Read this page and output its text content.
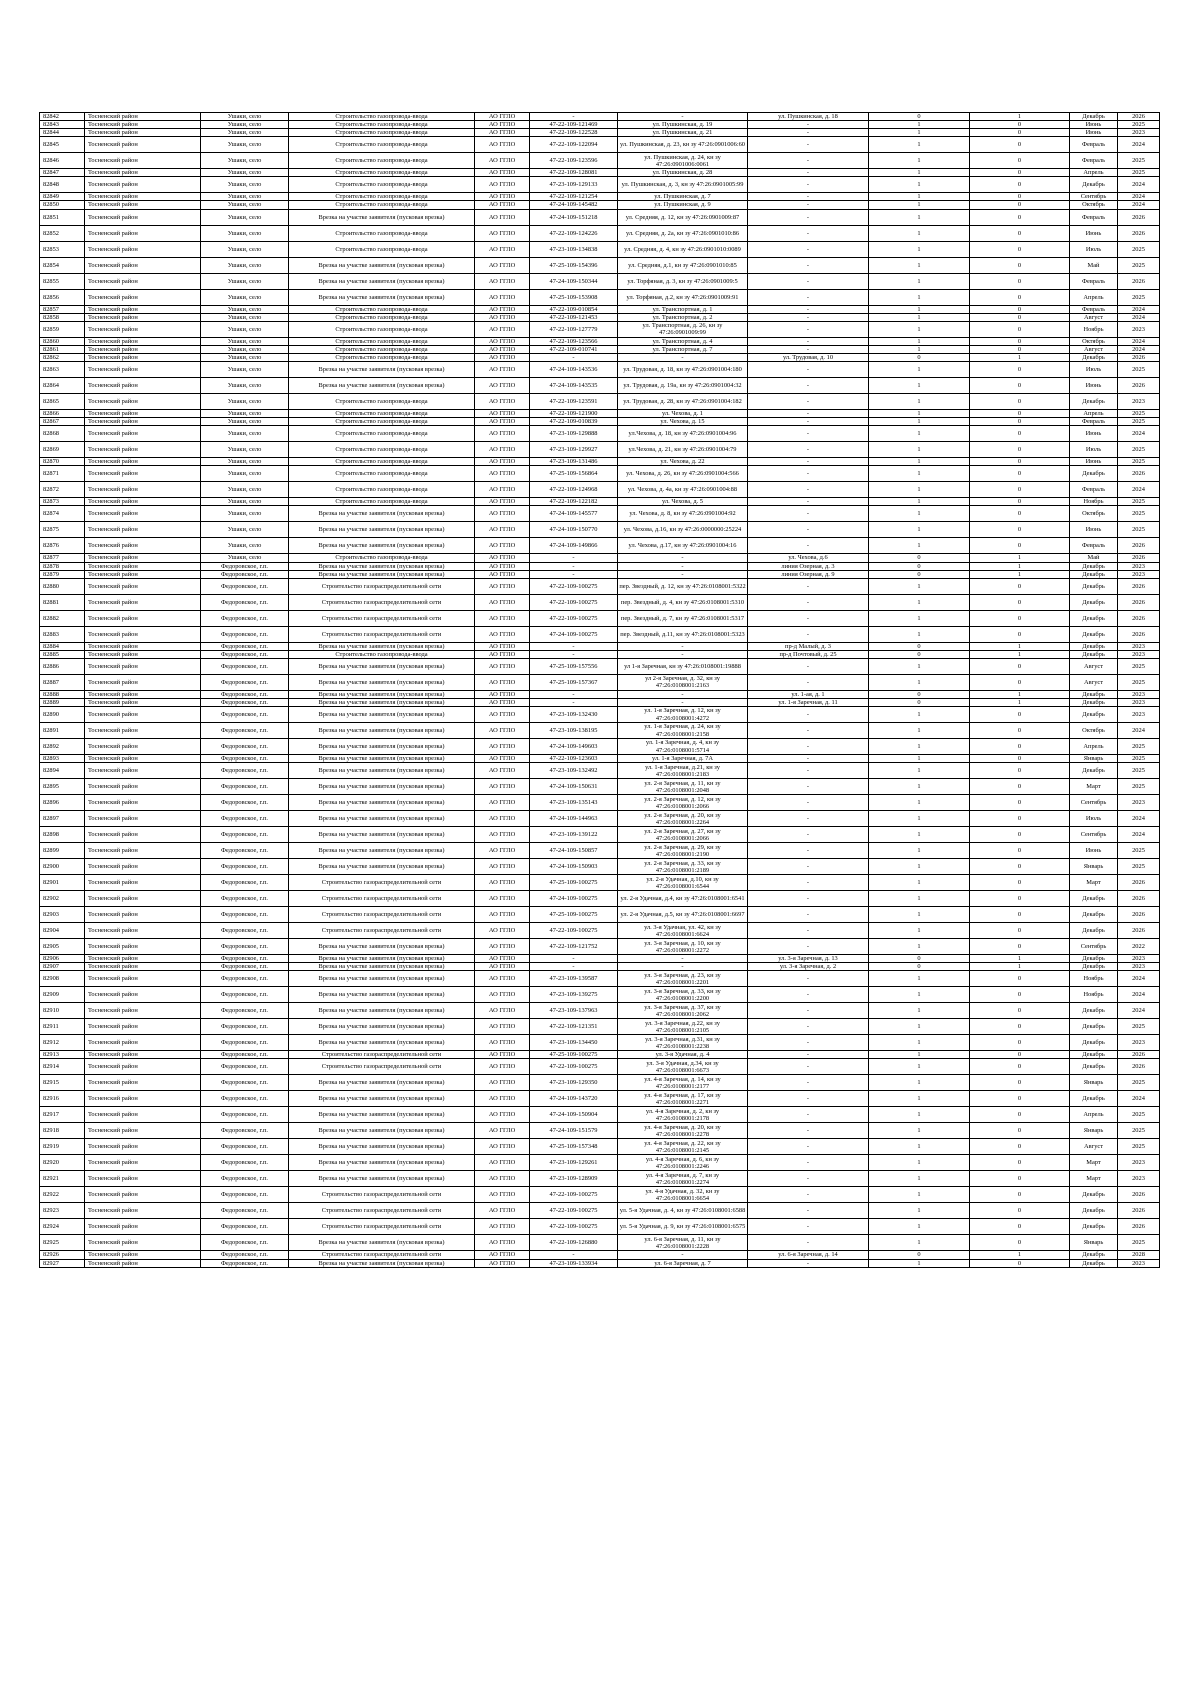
82842	Тосненский район	Ушаки, село	Строительство газопровода-ввода	АО ГГЛО	-	-	ул. Пушкинская, д. 18	0	1	Декабрь	2026
82843	Тосненский район	Ушаки, село	Строительство газопровода-ввода	АО ГГЛО	47-22-109-121469	ул. Пушкинская, д. 19	-	1	0	Июнь	2025
82844	Тосненский район	Ушаки, село	Строительство газопровода-ввода	АО ГГЛО	47-22-109-122528	ул. Пушкинская, д. 21	-	1	0	Июнь	2023
82845	Тосненский район	Ушаки, село	Строительство газопровода-ввода	АО ГГЛО	47-22-109-122094	ул. Пушкинская, д. 23, кн зу 47:26:0901006:60	-	1	0	Февраль	2024
82846	Тосненский район	Ушаки, село	Строительство газопровода-ввода	АО ГГЛО	47-22-109-123596	ул. Пушкинская, д. 24, кн зу 47:26:0901006:0061	-	1	0	Февраль	2025
82847	Тосненский район	Ушаки, село	Строительство газопровода-ввода	АО ГГЛО	47-22-109-128081	ул. Пушкинская, д. 28	-	1	0	Апрель	2025
82848	Тосненский район	Ушаки, село	Строительство газопровода-ввода	АО ГГЛО	47-23-109-129133	ул. Пушкинская, д. 3, кн зу 47:26:0901005:99	-	1	0	Декабрь	2024
82849	Тосненский район	Ушаки, село	Строительство газопровода-ввода	АО ГГЛО	47-22-109-121254	ул. Пушкинская, д. 7	-	1	0	Сентябрь	2024
82850	Тосненский район	Ушаки, село	Строительство газопровода-ввода	АО ГГЛО	47-24-109-145482	ул. Пушкинская, д. 9	-	1	0	Октябрь	2024
82851	Тосненский район	Ушаки, село	Врезка на участке заявителя (пусковая врезка)	АО ГГЛО	47-24-109-151218	ул. Средняя, д. 12, кн зу 47:26:0901009:87	-	1	0	Февраль	2026
82852	Тосненский район	Ушаки, село	Строительство газопровода-ввода	АО ГГЛО	47-22-109-124226	ул. Средняя, д. 2а, кн зу 47:26:0901010:86	-	1	0	Июнь	2026
82853	Тосненский район	Ушаки, село	Строительство газопровода-ввода	АО ГГЛО	47-23-109-134838	ул. Средняя, д. 4, кн зу 47:26:0901010:0089	-	1	0	Июль	2025
82854	Тосненский район	Ушаки, село	Врезка на участке заявителя (пусковая врезка)	АО ГГЛО	47-25-109-154396	ул. Средняя, д.1, кн зу 47:26:0901010:85	-	1	0	Май	2025
82855	Тосненский район	Ушаки, село	Врезка на участке заявителя (пусковая врезка)	АО ГГЛО	47-24-109-150344	ул. Торфяная, д. 3, кн зу 47:26:0901009:5	-	1	0	Февраль	2026
82856	Тосненский район	Ушаки, село	Врезка на участке заявителя (пусковая врезка)	АО ГГЛО	47-25-109-153908	ул. Торфяная, д.2, кн зу 47:26:0901009:91	-	1	0	Апрель	2025
82857	Тосненский район	Ушаки, село	Строительство газопровода-ввода	АО ГГЛО	47-22-109-010854	ул. Транспортная, д. 1	-	1	0	Февраль	2024
82858	Тосненский район	Ушаки, село	Строительство газопровода-ввода	АО ГГЛО	47-22-109-121453	ул. Транспортная, д. 2	-	1	0	Август	2024
82859	Тосненский район	Ушаки, село	Строительство газопровода-ввода	АО ГГЛО	47-22-109-127779	ул. Транспортная, д. 26, кн зу 47:26:0901009:99	-	1	0	Ноябрь	2023
82860	Тосненский район	Ушаки, село	Строительство газопровода-ввода	АО ГГЛО	47-22-109-123566	ул. Транспортная, д. 4	-	1	0	Октябрь	2024
82861	Тосненский район	Ушаки, село	Строительство газопровода-ввода	АО ГГЛО	47-22-109-010741	ул. Транспортная, д. 7	-	1	0	Август	2024
82862	Тосненский район	Ушаки, село	Строительство газопровода-ввода	АО ГГЛО	-	-	ул. Трудовая, д. 10	0	1	Декабрь	2026
82863	Тосненский район	Ушаки, село	Врезка на участке заявителя (пусковая врезка)	АО ГГЛО	47-24-109-143536	ул. Трудовая, д. 18, кн зу 47:26:0901004:180	-	1	0	Июль	2025
82864	Тосненский район	Ушаки, село	Врезка на участке заявителя (пусковая врезка)	АО ГГЛО	47-24-109-143535	ул. Трудовая, д. 19а, кн зу 47:26:0901004:32	-	1	0	Июнь	2026
82865	Тосненский район	Ушаки, село	Строительство газопровода-ввода	АО ГГЛО	47-22-109-123591	ул. Трудовая, д. 28, кн зу 47:26:0901004:182	-	1	0	Декабрь	2023
82866	Тосненский район	Ушаки, село	Строительство газопровода-ввода	АО ГГЛО	47-22-109-121900	ул. Чехова, д. 1	-	1	0	Апрель	2025
82867	Тосненский район	Ушаки, село	Строительство газопровода-ввода	АО ГГЛО	47-22-109-010839	ул. Чехова, д. 15	-	1	0	Февраль	2025
82868	Тосненский район	Ушаки, село	Строительство газопровода-ввода	АО ГГЛО	47-23-109-129888	ул.Чехова, д. 18, кн зу 47:26:0901004:96	-	1	0	Июнь	2024
82869	Тосненский район	Ушаки, село	Строительство газопровода-ввода	АО ГГЛО	47-23-109-129927	ул.Чехова, д. 21, кн зу 47:26:0901004:79	-	1	0	Июль	2025
82870	Тосненский район	Ушаки, село	Строительство газопровода-ввода	АО ГГЛО	47-23-109-131486	ул. Чехова, д. 22	-	1	0	Июнь	2025
82871	Тосненский район	Ушаки, село	Строительство газопровода-ввода	АО ГГЛО	47-25-109-156864	ул. Чехова, д. 26, кн зу 47:26:0901004:566	-	1	0	Декабрь	2026
82872	Тосненский район	Ушаки, село	Строительство газопровода-ввода	АО ГГЛО	47-22-109-124968	ул. Чехова, д. 4а, кн зу 47:26:0901004:88	-	1	0	Февраль	2024
82873	Тосненский район	Ушаки, село	Строительство газопровода-ввода	АО ГГЛО	47-22-109-122182	ул. Чехова, д. 5	-	1	0	Ноябрь	2025
82874	Тосненский район	Ушаки, село	Врезка на участке заявителя (пусковая врезка)	АО ГГЛО	47-24-109-145577	ул. Чехова, д. 8, кн зу 47:26:0901004:92	-	1	0	Октябрь	2025
82875	Тосненский район	Ушаки, село	Врезка на участке заявителя (пусковая врезка)	АО ГГЛО	47-24-109-150770	ул. Чехова, д.16, кн зу 47:26:0000000:25224	-	1	0	Июнь	2025
82876	Тосненский район	Ушаки, село	Врезка на участке заявителя (пусковая врезка)	АО ГГЛО	47-24-109-149866	ул. Чехова, д.17, кн зу 47:26:0901004:16	-	1	0	Февраль	2026
82877	Тосненский район	Ушаки, село	Строительство газопровода-ввода	АО ГГЛО	-	-	ул. Чехова, д.6	0	1	Май	2026
82878	Тосненский район	Федоровское, г.п.	Врезка на участке заявителя (пусковая врезка)	АО ГГЛО	-	-	линия Озерная, д. 3	0	1	Декабрь	2023
82879	Тосненский район	Федоровское, г.п.	Врезка на участке заявителя (пусковая врезка)	АО ГГЛО	-	-	линия Озерная, д. 9	0	1	Декабрь	2023
82880	Тосненский район	Федоровское, г.п.	Строительство газораспределительной сети	АО ГГЛО	47-22-109-100275	пер. Звездный, д. 12, кн зу 47:26:0108001:5322	-	1	0	Декабрь	2026
82881	Тосненский район	Федоровское, г.п.	Строительство газораспределительной сети	АО ГГЛО	47-22-109-100275	пер. Звездный, д. 4, кн зу 47:26:0108001:5310	-	1	0	Декабрь	2026
82882	Тосненский район	Федоровское, г.п.	Строительство газораспределительной сети	АО ГГЛО	47-22-109-100275	пер. Звездный, д. 7, кн зу 47:26:0108001:5317	-	1	0	Декабрь	2026
82883	Тосненский район	Федоровское, г.п.	Строительство газораспределительной сети	АО ГГЛО	47-24-109-100275	пер. Звездный, д.11, кн зу 47:26:0108001:5323	-	1	0	Декабрь	2026
82884	Тосненский район	Федоровское, г.п.	Врезка на участке заявителя (пусковая врезка)	АО ГГЛО	-	-	пр-д Малый, д. 3	0	1	Декабрь	2023
82885	Тосненский район	Федоровское, г.п.	Строительство газопровода-ввода	АО ГГЛО	-	-	пр-д Почтовый, д. 25	0	1	Декабрь	2023
82886	Тосненский район	Федоровское, г.п.	Врезка на участке заявителя (пусковая врезка)	АО ГГЛО	47-25-109-157556	ул 1-я Заречная, кн зу 47:26:0108001:19888	-	1	0	Август	2025
82887	Тосненский район	Федоровское, г.п.	Врезка на участке заявителя (пусковая врезка)	АО ГГЛО	47-25-109-157367	ул 2-я Заречная, д. 32, кн зу 47:26:0108001:2163	-	1	0	Август	2025
82888	Тосненский район	Федоровское, г.п.	Врезка на участке заявителя (пусковая врезка)	АО ГГЛО	-	-	ул. 1-ая, д. 1	0	1	Декабрь	2023
82889	Тосненский район	Федоровское, г.п.	Врезка на участке заявителя (пусковая врезка)	АО ГГЛО	-	-	ул. 1-я Заречная, д. 11	0	1	Декабрь	2023
82890	Тосненский район	Федоровское, г.п.	Врезка на участке заявителя (пусковая врезка)	АО ГГЛО	47-23-109-132430	ул. 1-я Заречная, д. 12, кн зу 47:26:0108001:4272	-	1	0	Декабрь	2023
82891	Тосненский район	Федоровское, г.п.	Врезка на участке заявителя (пусковая врезка)	АО ГГЛО	47-23-109-138195	ул. 1-я Заречная, д. 24, кн зу 47:26:0108001:2158	-	1	0	Октябрь	2024
82892	Тосненский район	Федоровское, г.п.	Врезка на участке заявителя (пусковая врезка)	АО ГГЛО	47-24-109-149603	ул. 1-я Заречная, д. 4, кн зу 47:26:0108001:5714	-	1	0	Апрель	2025
82893	Тосненский район	Федоровское, г.п.	Врезка на участке заявителя (пусковая врезка)	АО ГГЛО	47-22-109-123603	ул. 1-я Заречная, д. 7А	-	1	0	Январь	2025
82894	Тосненский район	Федоровское, г.п.	Врезка на участке заявителя (пусковая врезка)	АО ГГЛО	47-23-109-132492	ул. 1-я Заречная, д.21, кн зу 47:26:0108001:2183	-	1	0	Декабрь	2025
82895	Тосненский район	Федоровское, г.п.	Врезка на участке заявителя (пусковая врезка)	АО ГГЛО	47-24-109-150631	ул. 2-я Заречная, д. 11, кн зу 47:26:0108001:2048	-	1	0	Март	2025
82896	Тосненский район	Федоровское, г.п.	Врезка на участке заявителя (пусковая врезка)	АО ГГЛО	47-23-109-135143	ул. 2-я Заречная, д. 12, кн зу 47:26:0108001:2066	-	1	0	Сентябрь	2023
82897	Тосненский район	Федоровское, г.п.	Врезка на участке заявителя (пусковая врезка)	АО ГГЛО	47-24-109-144963	ул. 2-я Заречная, д. 20, кн зу 47:26:0108001:2264	-	1	0	Июль	2024
82898	Тосненский район	Федоровское, г.п.	Врезка на участке заявителя (пусковая врезка)	АО ГГЛО	47-23-109-139122	ул. 2-я Заречная, д. 27, кн зу 47:26:0108001:2066	-	1	0	Сентябрь	2024
82899	Тосненский район	Федоровское, г.п.	Врезка на участке заявителя (пусковая врезка)	АО ГГЛО	47-24-109-150857	ул. 2-я Заречная, д. 29, кн зу 47:26:0108001:2190	-	1	0	Июнь	2025
82900	Тосненский район	Федоровское, г.п.	Врезка на участке заявителя (пусковая врезка)	АО ГГЛО	47-24-109-150903	ул. 2-я Заречная, д. 33, кн зу 47:26:0108001:2189	-	1	0	Январь	2025
82901	Тосненский район	Федоровское, г.п.	Строительство газораспределительной сети	АО ГГЛО	47-25-109-100275	ул. 2-я Удачная, д.10, кн зу 47:26:0108001:6544	-	1	0	Март	2026
82902	Тосненский район	Федоровское, г.п.	Строительство газораспределительной сети	АО ГГЛО	47-24-109-100275	ул. 2-я Удачная, д.4, кн зу 47:26:0108001:6541	-	1	0	Декабрь	2026
82903	Тосненский район	Федоровское, г.п.	Строительство газораспределительной сети	АО ГГЛО	47-25-109-100275	ул. 2-я Удачная, д.5, кн зу 47:26:0108001:6697	-	1	0	Декабрь	2026
82904	Тосненский район	Федоровское, г.п.	Строительство газораспределительной сети	АО ГГЛО	47-22-109-100275	ул. 3-я Удачная, ул. 42, кн зу 47:26:0108001:6624	-	1	0	Декабрь	2026
82905	Тосненский район	Федоровское, г.п.	Врезка на участке заявителя (пусковая врезка)	АО ГГЛО	47-22-109-121752	ул. 3-я Заречная, д. 10, кн зу 47:26:0108001:2272	-	1	0	Сентябрь	2022
82906	Тосненский район	Федоровское, г.п.	Врезка на участке заявителя (пусковая врезка)	АО ГГЛО	-	-	ул. 3-я Заречная, д. 13	0	1	Декабрь	2023
82907	Тосненский район	Федоровское, г.п.	Врезка на участке заявителя (пусковая врезка)	АО ГГЛО	-	-	ул. 3-я Заречная, д. 2	0	1	Декабрь	2023
82908	Тосненский район	Федоровское, г.п.	Врезка на участке заявителя (пусковая врезка)	АО ГГЛО	47-23-109-139587	ул. 3-я Заречная, д. 23, кн зу 47:26:0108001:2201	-	1	0	Ноябрь	2024
82909	Тосненский район	Федоровское, г.п.	Врезка на участке заявителя (пусковая врезка)	АО ГГЛО	47-23-109-139275	ул. 3-я Заречная, д. 33, кн зу 47:26:0108001:2200	-	1	0	Ноябрь	2024
82910	Тосненский район	Федоровское, г.п.	Врезка на участке заявителя (пусковая врезка)	АО ГГЛО	47-23-109-137963	ул. 3-я Заречная, д. 37, кн зу 47:26:0108001:2062	-	1	0	Декабрь	2024
82911	Тосненский район	Федоровское, г.п.	Врезка на участке заявителя (пусковая врезка)	АО ГГЛО	47-22-109-121351	ул. 3-я Заречная, д.22, кн зу 47:26:0108001:2105	-	1	0	Декабрь	2025
82912	Тосненский район	Федоровское, г.п.	Врезка на участке заявителя (пусковая врезка)	АО ГГЛО	47-23-109-134450	ул. 3-я Заречная, д.31, кн зу 47:26:0108001:2238	-	1	0	Декабрь	2023
82913	Тосненский район	Федоровское, г.п.	Строительство газораспределительной сети	АО ГГЛО	47-25-109-100275	ул. 3-я Удачная, д. 4	-	1	0	Декабрь	2026
82914	Тосненский район	Федоровское, г.п.	Строительство газораспределительной сети	АО ГГЛО	47-22-109-100275	ул. 3-я Удачная, д.34, кн зу 47:26:0108001:6673	-	1	0	Декабрь	2026
82915	Тосненский район	Федоровское, г.п.	Врезка на участке заявителя (пусковая врезка)	АО ГГЛО	47-23-109-129350	ул. 4-я Заречная, д. 14, кн зу 47:26:0108001:2177	-	1	0	Январь	2025
82916	Тосненский район	Федоровское, г.п.	Врезка на участке заявителя (пусковая врезка)	АО ГГЛО	47-24-109-143720	ул. 4-я Заречная, д. 17, кн зу 47:26:0108001:2271	-	1	0	Декабрь	2024
82917	Тосненский район	Федоровское, г.п.	Врезка на участке заявителя (пусковая врезка)	АО ГГЛО	47-24-109-150904	ул. 4-я Заречная, д. 2, кн зу 47:26:0108001:2178	-	1	0	Апрель	2025
82918	Тосненский район	Федоровское, г.п.	Врезка на участке заявителя (пусковая врезка)	АО ГГЛО	47-24-109-151579	ул. 4-я Заречная, д. 20, кн зу 47:26:0108001:2278	-	1	0	Январь	2025
82919	Тосненский район	Федоровское, г.п.	Врезка на участке заявителя (пусковая врезка)	АО ГГЛО	47-25-109-157348	ул. 4-я Заречная, д. 22, кн зу 47:26:0108001:2145	-	1	0	Август	2025
82920	Тосненский район	Федоровское, г.п.	Врезка на участке заявителя (пусковая врезка)	АО ГГЛО	47-23-109-129261	ул. 4-я Заречная, д. 6, кн зу 47:26:0108001:2246	-	1	0	Март	2023
82921	Тосненский район	Федоровское, г.п.	Врезка на участке заявителя (пусковая врезка)	АО ГГЛО	47-23-109-128909	ул. 4-я Заречная, д. 7, кн зу 47:26:0108001:2274	-	1	0	Март	2023
82922	Тосненский район	Федоровское, г.п.	Строительство газораспределительной сети	АО ГГЛО	47-22-109-100275	ул. 4-я Удачная, д. 32, кн зу 47:26:0108001:6654	-	1	0	Декабрь	2026
82923	Тосненский район	Федоровское, г.п.	Строительство газораспределительной сети	АО ГГЛО	47-22-109-100275	ул. 5-я Удачная, д. 4, кн зу 47:26:0108001:6588	-	1	0	Декабрь	2026
82924	Тосненский район	Федоровское, г.п.	Строительство газораспределительной сети	АО ГГЛО	47-22-109-100275	ул. 5-я Удачная, д. 9, кн зу 47:26:0108001:6575	-	1	0	Декабрь	2026
82925	Тосненский район	Федоровское, г.п.	Врезка на участке заявителя (пусковая врезка)	АО ГГЛО	47-22-109-126880	ул. 6-я Заречная, д. 11, кн зу 47:26:0108001:2228	-	1	0	Январь	2025
82926	Тосненский район	Федоровское, г.п.	Строительство газораспределительной сети	АО ГГЛО	-	-	ул. 6-я Заречная, д. 14	0	1	Декабрь	2028
82927	Тосненский район	Федоровское, г.п.	Врезка на участке заявителя (пусковая врезка)	АО ГГЛО	47-23-109-133934	ул. 6-я Заречная, д. 7	-	1	0	Декабрь	2023
